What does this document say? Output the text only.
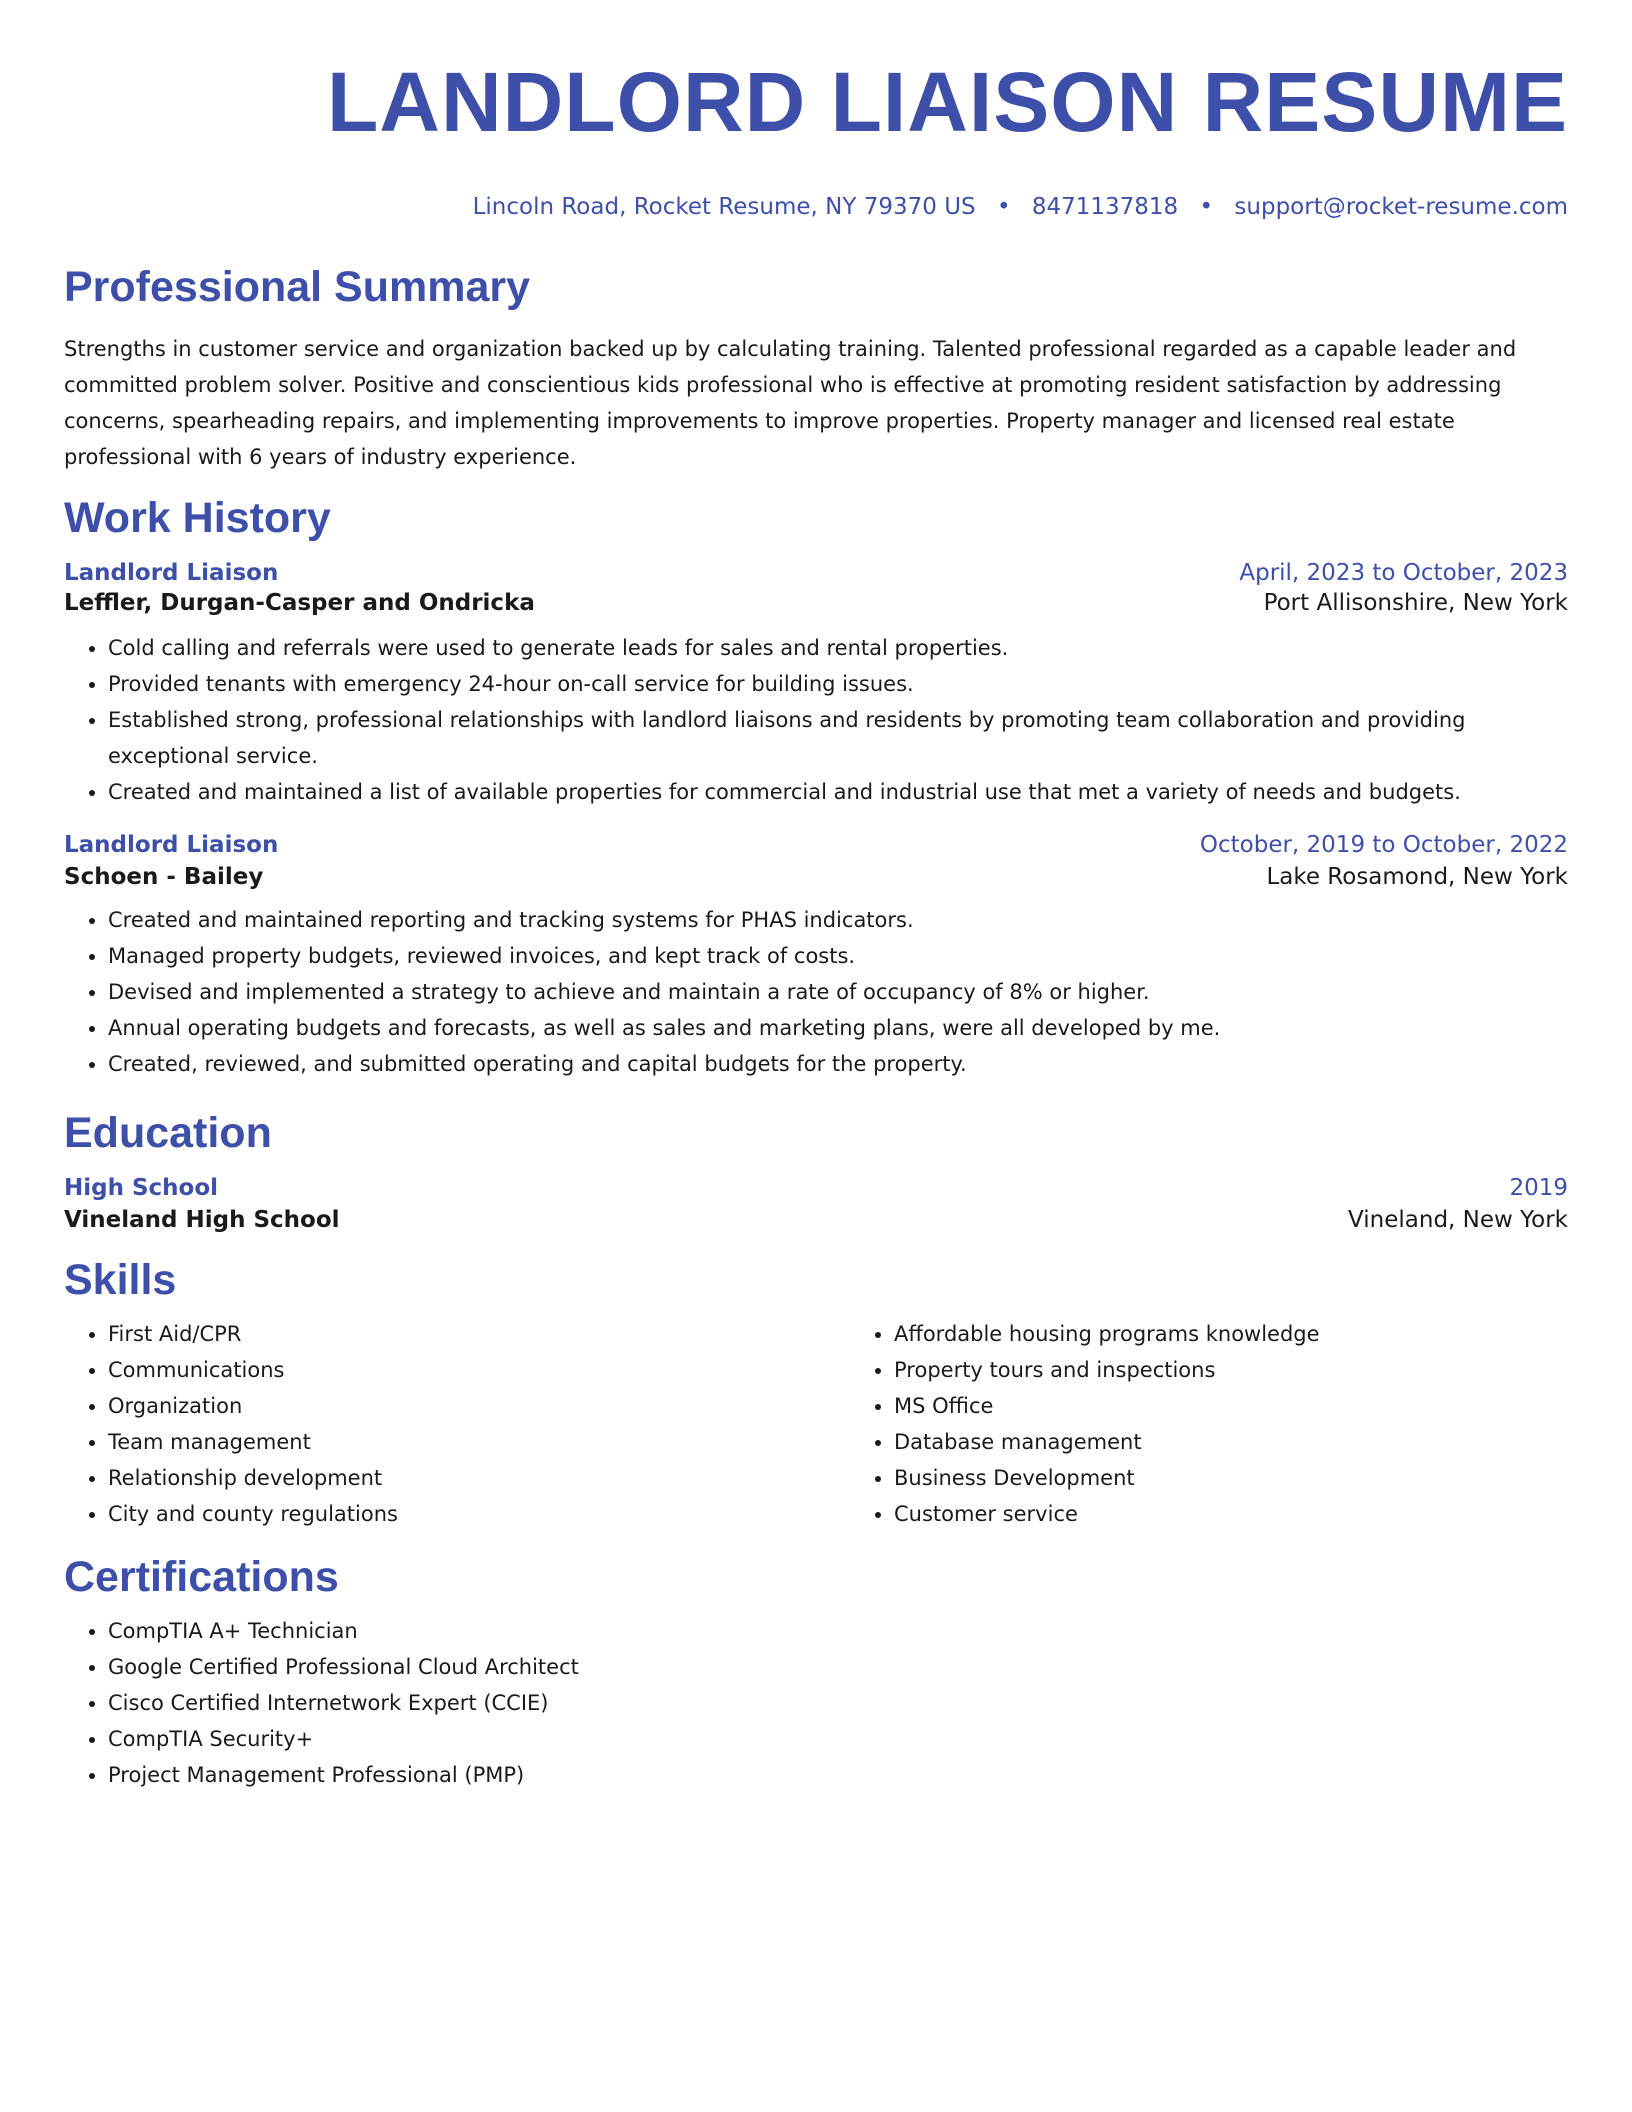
LANDLORD LIAISON RESUME
Lincoln Road, Rocket Resume, NY 79370 US • 8471137818 • support@rocket-resume.com
Professional Summary

Strengths in customer service and organization backed up by calculating training. Talented professional regarded as a capable leader and committed problem solver. Positive and conscientious kids professional who is effective at promoting resident satisfaction by addressing concerns, spearheading repairs, and implementing improvements to improve properties. Property manager and licensed real estate professional with 6 years of industry experience.

Work History
Landlord Liaison	April, 2023 to October, 2023
Leffler, Durgan-Casper and Ondricka	Port Allisonshire, New York
• Cold calling and referrals were used to generate leads for sales and rental properties.
• Provided tenants with emergency 24-hour on-call service for building issues.
• Established strong, professional relationships with landlord liaisons and residents by promoting team collaboration and providing exceptional service.
• Created and maintained a list of available properties for commercial and industrial use that met a variety of needs and budgets.
Landlord Liaison	October, 2019 to October, 2022
Schoen - Bailey	Lake Rosamond, New York
• Created and maintained reporting and tracking systems for PHAS indicators.
• Managed property budgets, reviewed invoices, and kept track of costs.
• Devised and implemented a strategy to achieve and maintain a rate of occupancy of 8% or higher.
• Annual operating budgets and forecasts, as well as sales and marketing plans, were all developed by me.
• Created, reviewed, and submitted operating and capital budgets for the property.
Education
High School	2019
Vineland High School	Vineland, New York
Skills
• First Aid/CPR
• Communications
• Organization
• Team management
• Relationship development
• City and county regulations
• Affordable housing programs knowledge
• Property tours and inspections
• MS Office
• Database management
• Business Development
• Customer service
Certifications
• CompTIA A+ Technician
• Google Certified Professional Cloud Architect
• Cisco Certified Internetwork Expert (CCIE)
• CompTIA Security+
• Project Management Professional (PMP)
